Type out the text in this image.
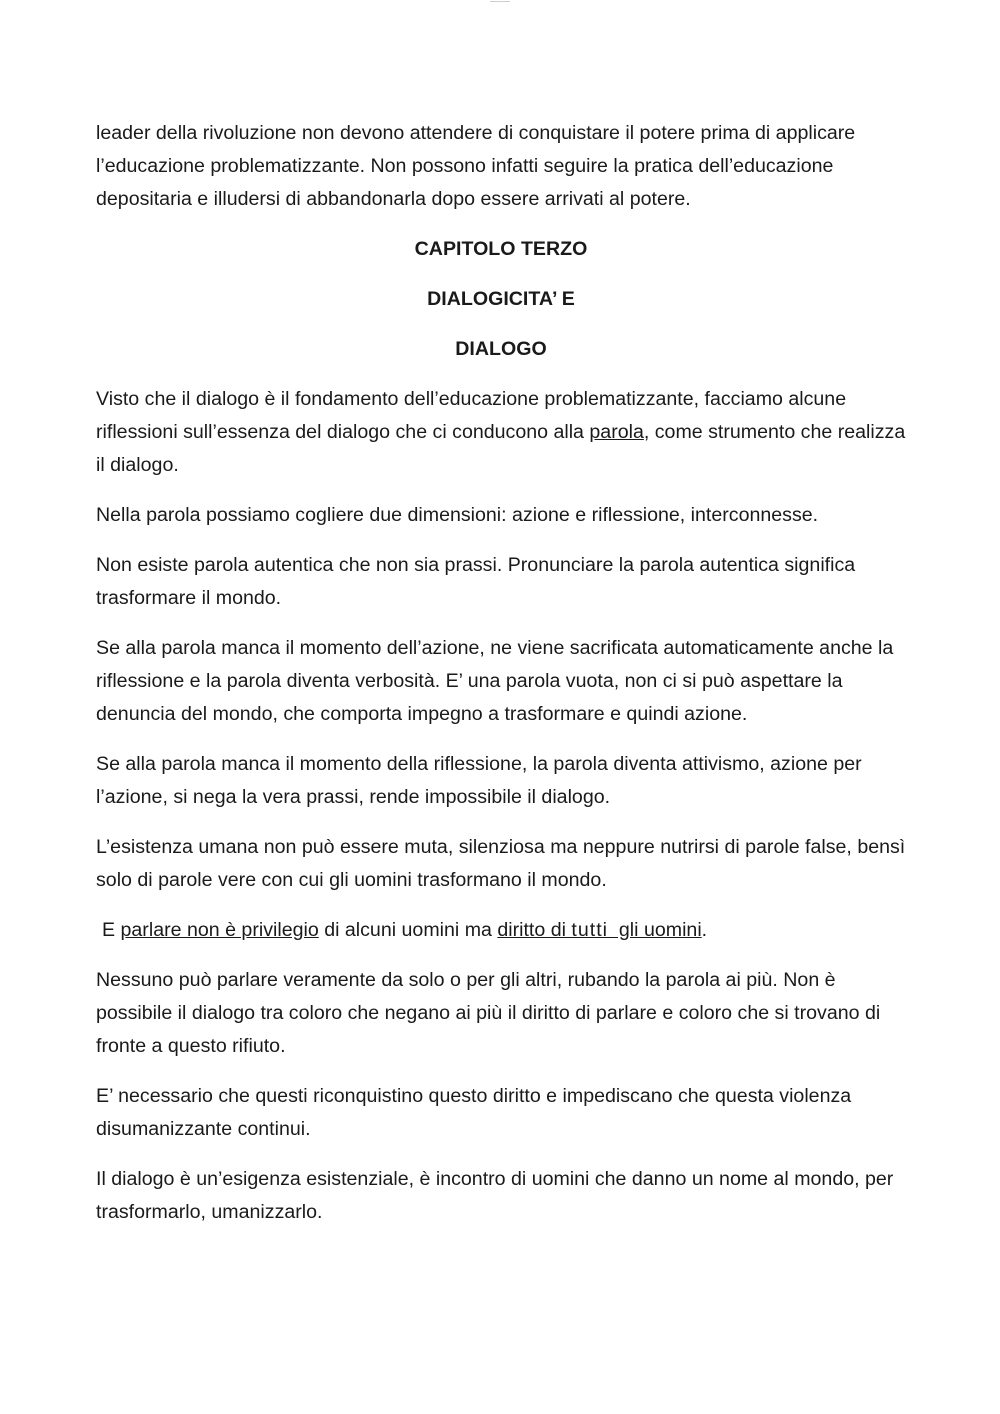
leader della rivoluzione non devono attendere di conquistare il potere prima di applicare l’educazione problematizzante. Non possono infatti seguire la pratica dell’educazione depositaria e illudersi di abbandonarla dopo essere arrivati al potere.

CAPITOLO TERZO
DIALOGICITA’ E
DIALOGO

Visto che il dialogo è il fondamento dell’educazione problematizzante, facciamo alcune riflessioni sull’essenza del dialogo che ci conducono alla parola, come strumento che realizza il dialogo.

Nella parola possiamo cogliere due dimensioni: azione e riflessione, interconnesse.

Non esiste parola autentica che non sia prassi. Pronunciare la parola autentica significa trasformare il mondo.

Se alla parola manca il momento dell’azione, ne viene sacrificata automaticamente anche la riflessione e la parola diventa verbosità. E’ una parola vuota, non ci si può aspettare la denuncia del mondo, che comporta impegno a trasformare e quindi azione.

Se alla parola manca il momento della riflessione, la parola diventa attivismo, azione per l’azione, si nega la vera prassi, rende impossibile il dialogo.

L’esistenza umana non può essere muta, silenziosa ma neppure nutrirsi di parole false, bensì solo di parole vere con cui gli uomini trasformano il mondo.

E parlare non è privilegio di alcuni uomini ma diritto di tutti  gli uomini.

Nessuno può parlare veramente da solo o per gli altri, rubando la parola ai più. Non è possibile il dialogo tra coloro che negano ai più il diritto di parlare e coloro che si trovano di fronte a questo rifiuto.

E’ necessario che questi riconquistino questo diritto e impediscano che questa violenza disumanizzante continui.

Il dialogo è un’esigenza esistenziale, è incontro di uomini che danno un nome al mondo, per trasformarlo, umanizzarlo.
